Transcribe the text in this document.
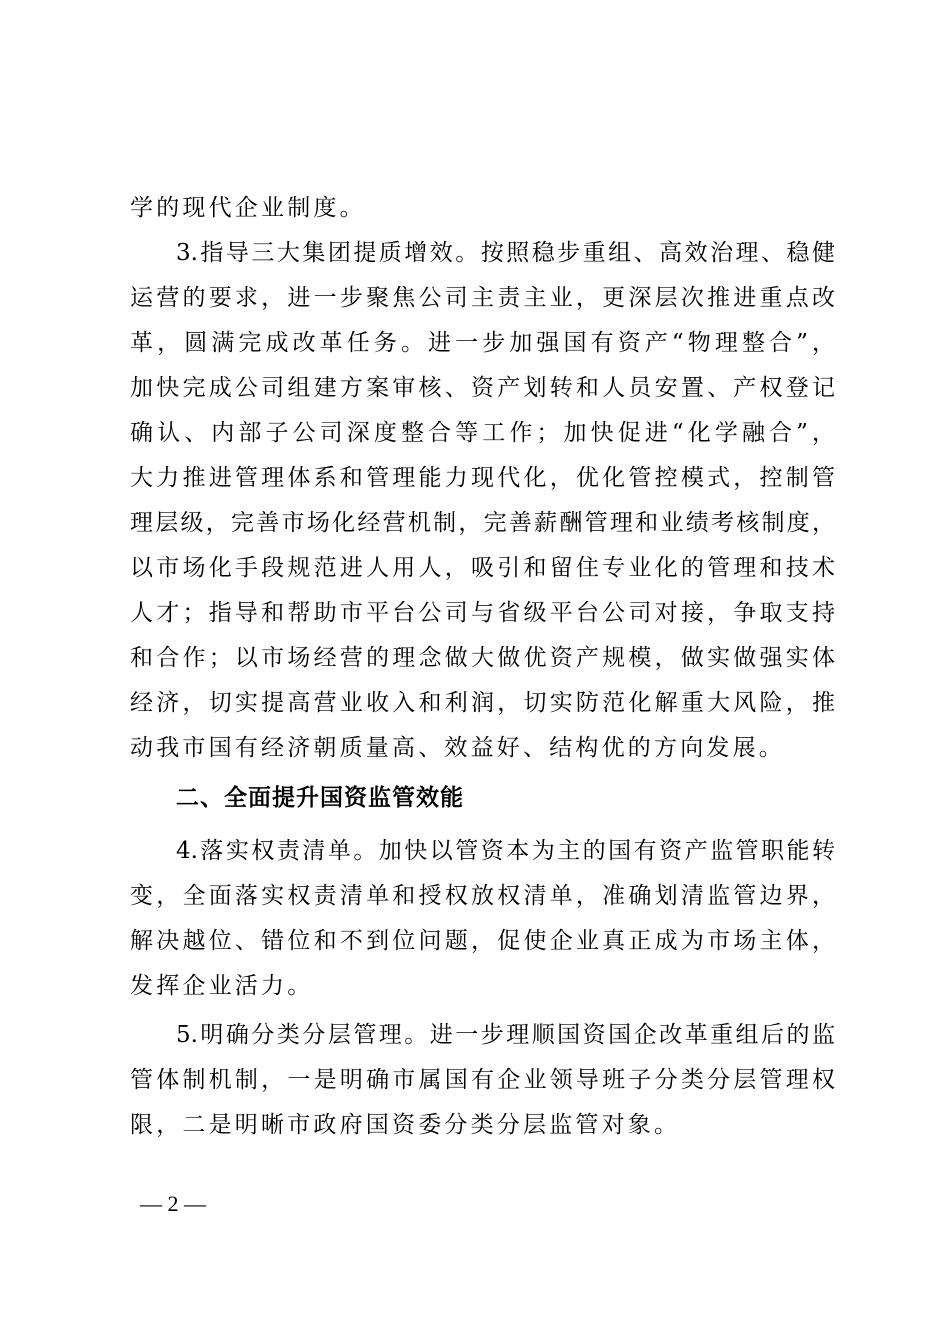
学的现代企业制度。
3.指导三大集团提质增效。按照稳步重组、高效治理、稳健
运营的要求，进一步聚焦公司主责主业，更深层次推进重点改
革，圆满完成改革任务。进一步加强国有资产“物理整合”，
加快完成公司组建方案审核、资产划转和人员安置、产权登记
确认、内部子公司深度整合等工作；加快促进“化学融合”，
大力推进管理体系和管理能力现代化，优化管控模式，控制管
理层级，完善市场化经营机制，完善薪酬管理和业绩考核制度，
以市场化手段规范进人用人，吸引和留住专业化的管理和技术
人才；指导和帮助市平台公司与省级平台公司对接，争取支持
和合作；以市场经营的理念做大做优资产规模，做实做强实体
经济，切实提高营业收入和利润，切实防范化解重大风险，推
动我市国有经济朝质量高、效益好、结构优的方向发展。
二、全面提升国资监管效能
4.落实权责清单。加快以管资本为主的国有资产监管职能转
变，全面落实权责清单和授权放权清单，准确划清监管边界，
解决越位、错位和不到位问题，促使企业真正成为市场主体，
发挥企业活力。
5.明确分类分层管理。进一步理顺国资国企改革重组后的监
管体制机制，一是明确市属国有企业领导班子分类分层管理权
限，二是明晰市政府国资委分类分层监管对象。
— 2 —
